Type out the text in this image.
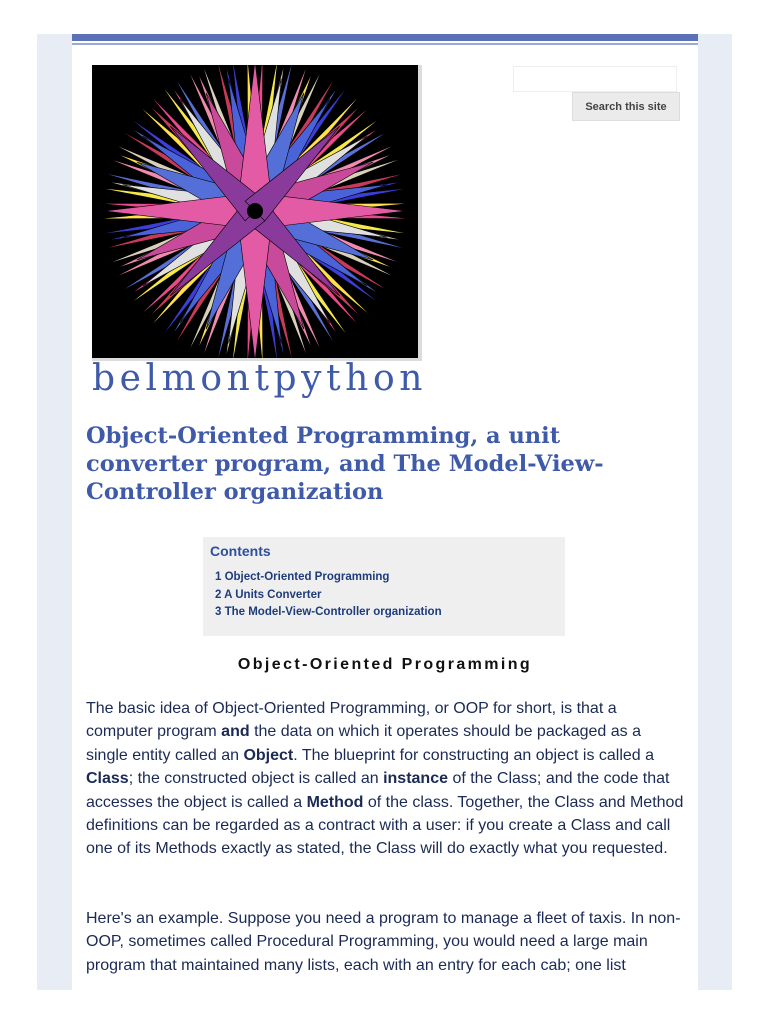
Search this site
belmontpython
Object-Oriented Programming, a unit converter program, and The Model-View-Controller organization
Contents
1 Object-Oriented Programming
2 A Units Converter
3 The Model-View-Controller organization
Object-Oriented Programming

The basic idea of Object-Oriented Programming, or OOP for short, is that a computer program and the data on which it operates should be packaged as a single entity called an Object. The blueprint for constructing an object is called a Class; the constructed object is called an instance of the Class; and the code that accesses the object is called a Method of the class. Together, the Class and Method definitions can be regarded as a contract with a user: if you create a Class and call one of its Methods exactly as stated, the Class will do exactly what you requested.

Here's an example. Suppose you need a program to manage a fleet of taxis. In non-OOP, sometimes called Procedural Programming, you would need a large main program that maintained many lists, each with an entry for each cab; one list
